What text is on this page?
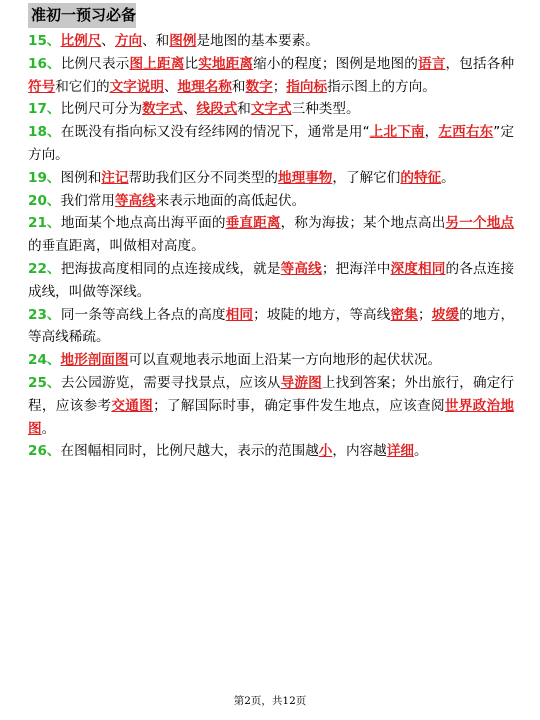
准初一预习必备

15、比例尺、方向、和图例是地图的基本要素。

16、比例尺表示图上距离比实地距离缩小的程度；图例是地图的语言，包括各种符号和它们的文字说明、地理名称和数字；指向标指示图上的方向。

17、比例尺可分为数字式、线段式和文字式三种类型。

18、在既没有指向标又没有经纬网的情况下，通常是用“上北下南，左西右东”定方向。

19、图例和注记帮助我们区分不同类型的地理事物，了解它们的特征。

20、我们常用等高线来表示地面的高低起伏。

21、地面某个地点高出海平面的垂直距离，称为海拔；某个地点高出另一个地点的垂直距离，叫做相对高度。

22、把海拔高度相同的点连接成线，就是等高线；把海洋中深度相同的各点连接成线，叫做等深线。

23、同一条等高线上各点的高度相同；坡陡的地方，等高线密集；坡缓的地方，等高线稀疏。

24、地形剖面图可以直观地表示地面上沿某一方向地形的起伏状况。

25、去公园游览，需要寻找景点，应该从导游图上找到答案；外出旅行，确定行程，应该参考交通图；了解国际时事，确定事件发生地点，应该查阅世界政治地图。

26、在图幅相同时，比例尺越大，表示的范围越小，内容越详细。

第2页，共12页
